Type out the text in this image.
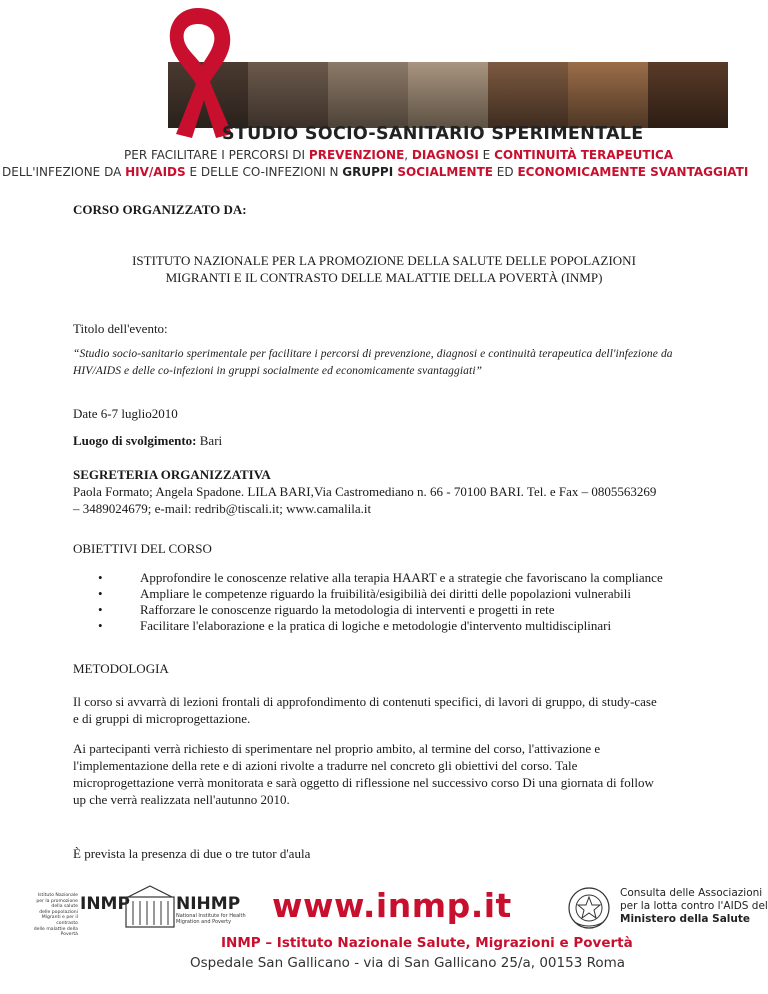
STUDIO SOCIO-SANITARIO SPERIMENTALE
PER FACILITARE I PERCORSI DI PREVENZIONE, DIAGNOSI E CONTINUITÀ TERAPEUTICA
DELL'INFEZIONE DA HIV/AIDS E DELLE CO-INFEZIONI N GRUPPI SOCIALMENTE ED ECONOMICAMENTE SVANTAGGIATI
CORSO ORGANIZZATO DA:
ISTITUTO NAZIONALE PER LA PROMOZIONE DELLA SALUTE DELLE POPOLAZIONI
MIGRANTI E IL CONTRASTO DELLE MALATTIE DELLA POVERTÀ (INMP)
Titolo dell'evento:
“Studio socio-sanitario sperimentale per facilitare i percorsi di prevenzione, diagnosi e continuità terapeutica dell'infezione da
HIV/AIDS e delle co-infezioni in gruppi socialmente ed economicamente svantaggiati”
Date 6-7 luglio2010
Luogo di svolgimento: Bari
SEGRETERIA ORGANIZZATIVA
Paola Formato; Angela Spadone. LILA BARI,Via Castromediano n. 66 - 70100 BARI. Tel. e Fax – 0805563269
– 3489024679; e-mail: redrib@tiscali.it; www.camalila.it
OBIETTIVI DEL CORSO
• Approfondire le conoscenze relative alla terapia HAART e a strategie che favoriscano la compliance
• Ampliare le competenze riguardo la fruibilità/esigibilià dei diritti delle popolazioni vulnerabili
• Rafforzare le conoscenze riguardo la metodologia di interventi e progetti in rete
• Facilitare l'elaborazione e la pratica di logiche e metodologie d'intervento multidisciplinari
METODOLOGIA
Il corso si avvarrà di lezioni frontali di approfondimento di contenuti specifici, di lavori di gruppo, di study-case
e di gruppi di microprogettazione.
Ai partecipanti verrà richiesto di sperimentare nel proprio ambito, al termine del corso, l'attivazione e
l'implementazione della rete e di azioni rivolte a tradurre nel concreto gli obiettivi del corso. Tale
microprogettazione verrà monitorata e sarà oggetto di riflessione nel successivo corso Di una giornata di follow
up che verrà realizzata nell'autunno 2010.
È prevista la presenza di due o tre tutor d'aula
Istituto Nazionale
per la promozione
della salute
delle popolazioni Migranti e per il contrasto
delle malattie della Povertà
INMP	NIHMP
National Institute for Health
Migration and Poverty	www.inmp.it
INMP – Istituto Nazionale Salute, Migrazioni e Povertà
Ospedale San Gallicano - via di San Gallicano 25/a, 00153 Roma
Consulta delle Associazioni
per la lotta contro l'AIDS del
Ministero della Salute
